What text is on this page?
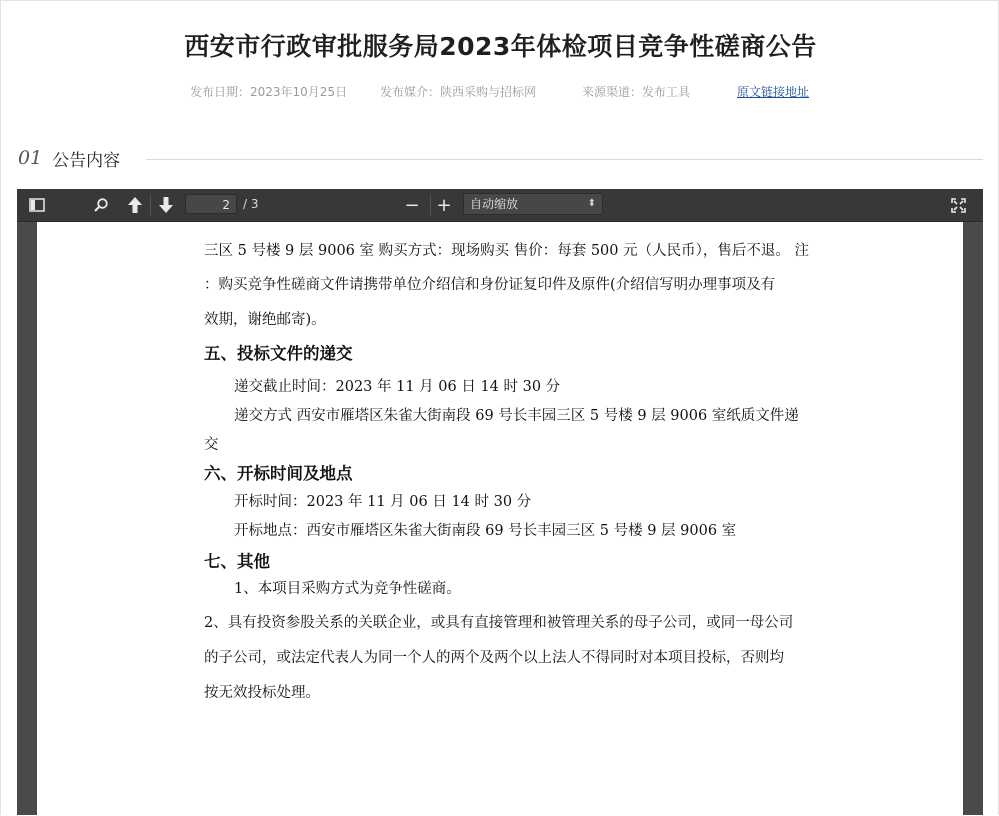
西安市行政审批服务局2023年体检项目竞争性磋商公告
发布日期：2023年10月25日	发布媒介：陕西采购与招标网	来源渠道：发布工具	原文链接地址
01 公告内容
2	/ 3	− +	自动缩放	⬍
三区 5 号楼 9 层 9006 室 购买方式：现场购买 售价：每套 500 元（人民币），售后不退。 注
：购买竞争性磋商文件请携带单位介绍信和身份证复印件及原件(介绍信写明办理事项及有
效期，谢绝邮寄)。
五、投标文件的递交
递交截止时间：2023 年 11 月 06 日 14 时 30 分
递交方式 西安市雁塔区朱雀大街南段 69 号长丰园三区 5 号楼 9 层 9006 室纸质文件递
交
六、开标时间及地点
开标时间：2023 年 11 月 06 日 14 时 30 分
开标地点：西安市雁塔区朱雀大街南段 69 号长丰园三区 5 号楼 9 层 9006 室
七、其他
1、本项目采购方式为竞争性磋商。
2、具有投资参股关系的关联企业，或具有直接管理和被管理关系的母子公司，或同一母公司
的子公司，或法定代表人为同一个人的两个及两个以上法人不得同时对本项目投标，否则均
按无效投标处理。
